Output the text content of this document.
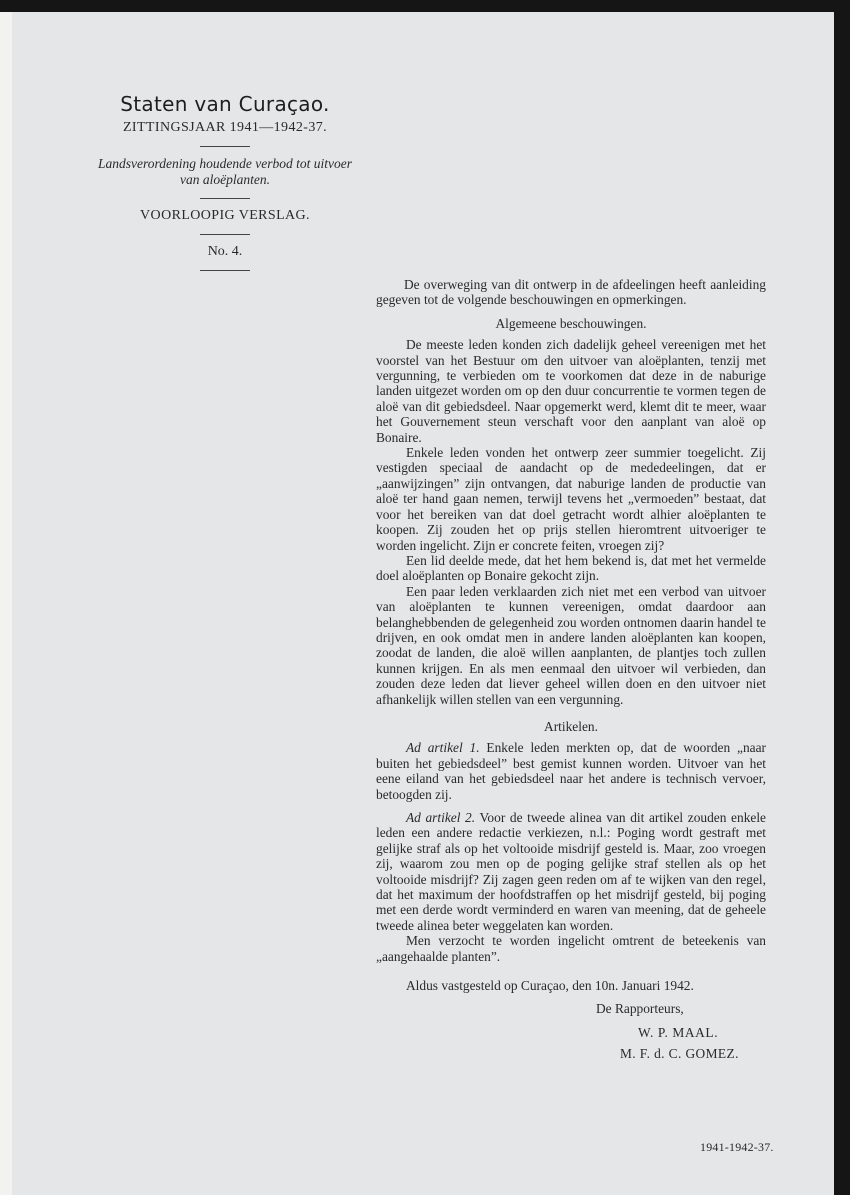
Staten van Curaçao.
ZITTINGSJAAR 1941—1942-37.
Landsverordening houdende verbod tot uitvoer
van aloëplanten.
VOORLOOPIG VERSLAG.
No. 4.

De overweging van dit ontwerp in de afdeelingen heeft aanleiding gegeven tot de volgende beschouwingen en opmerkingen.

Algemeene beschouwingen.

De meeste leden konden zich dadelijk geheel vereenigen met het voorstel van het Bestuur om den uitvoer van aloëplanten, tenzij met vergunning, te verbieden om te voorkomen dat deze in de naburige landen uitgezet worden om op den duur concurrentie te vormen tegen de aloë van dit gebiedsdeel. Naar opgemerkt werd, klemt dit te meer, waar het Gouvernement steun verschaft voor den aanplant van aloë op Bonaire.

Enkele leden vonden het ontwerp zeer summier toegelicht. Zij vestigden speciaal de aandacht op de mededeelingen, dat er „aanwijzingen” zijn ontvangen, dat naburige landen de productie van aloë ter hand gaan nemen, terwijl tevens het „vermoeden” bestaat, dat voor het bereiken van dat doel getracht wordt alhier aloëplanten te koopen. Zij zouden het op prijs stellen hieromtrent uitvoeriger te worden ingelicht. Zijn er concrete feiten, vroegen zij?

Een lid deelde mede, dat het hem bekend is, dat met het vermelde doel aloëplanten op Bonaire gekocht zijn.

Een paar leden verklaarden zich niet met een verbod van uitvoer van aloëplanten te kunnen vereenigen, omdat daardoor aan belanghebbenden de gelegenheid zou worden ontnomen daarin handel te drijven, en ook omdat men in andere landen aloëplanten kan koopen, zoodat de landen, die aloë willen aanplanten, de plantjes toch zullen kunnen krijgen. En als men eenmaal den uitvoer wil verbieden, dan zouden deze leden dat liever geheel willen doen en den uitvoer niet afhankelijk willen stellen van een vergunning.

Artikelen.

Ad artikel 1. Enkele leden merkten op, dat de woorden „naar buiten het gebiedsdeel” best gemist kunnen worden. Uitvoer van het eene eiland van het gebiedsdeel naar het andere is technisch vervoer, betoogden zij.

Ad artikel 2. Voor de tweede alinea van dit artikel zouden enkele leden een andere redactie verkiezen, n.l.: Poging wordt gestraft met gelijke straf als op het voltooide misdrijf gesteld is. Maar, zoo vroegen zij, waarom zou men op de poging gelijke straf stellen als op het voltooide misdrijf? Zij zagen geen reden om af te wijken van den regel, dat het maximum der hoofdstraffen op het misdrijf gesteld, bij poging met een derde wordt verminderd en waren van meening, dat de geheele tweede alinea beter weggelaten kan worden.

Men verzocht te worden ingelicht omtrent de beteekenis van „aangehaalde planten”.

Aldus vastgesteld op Curaçao, den 10n. Januari 1942.

De Rapporteurs,
W. P. MAAL.
M. F. d. C. GOMEZ.
1941-1942-37.
